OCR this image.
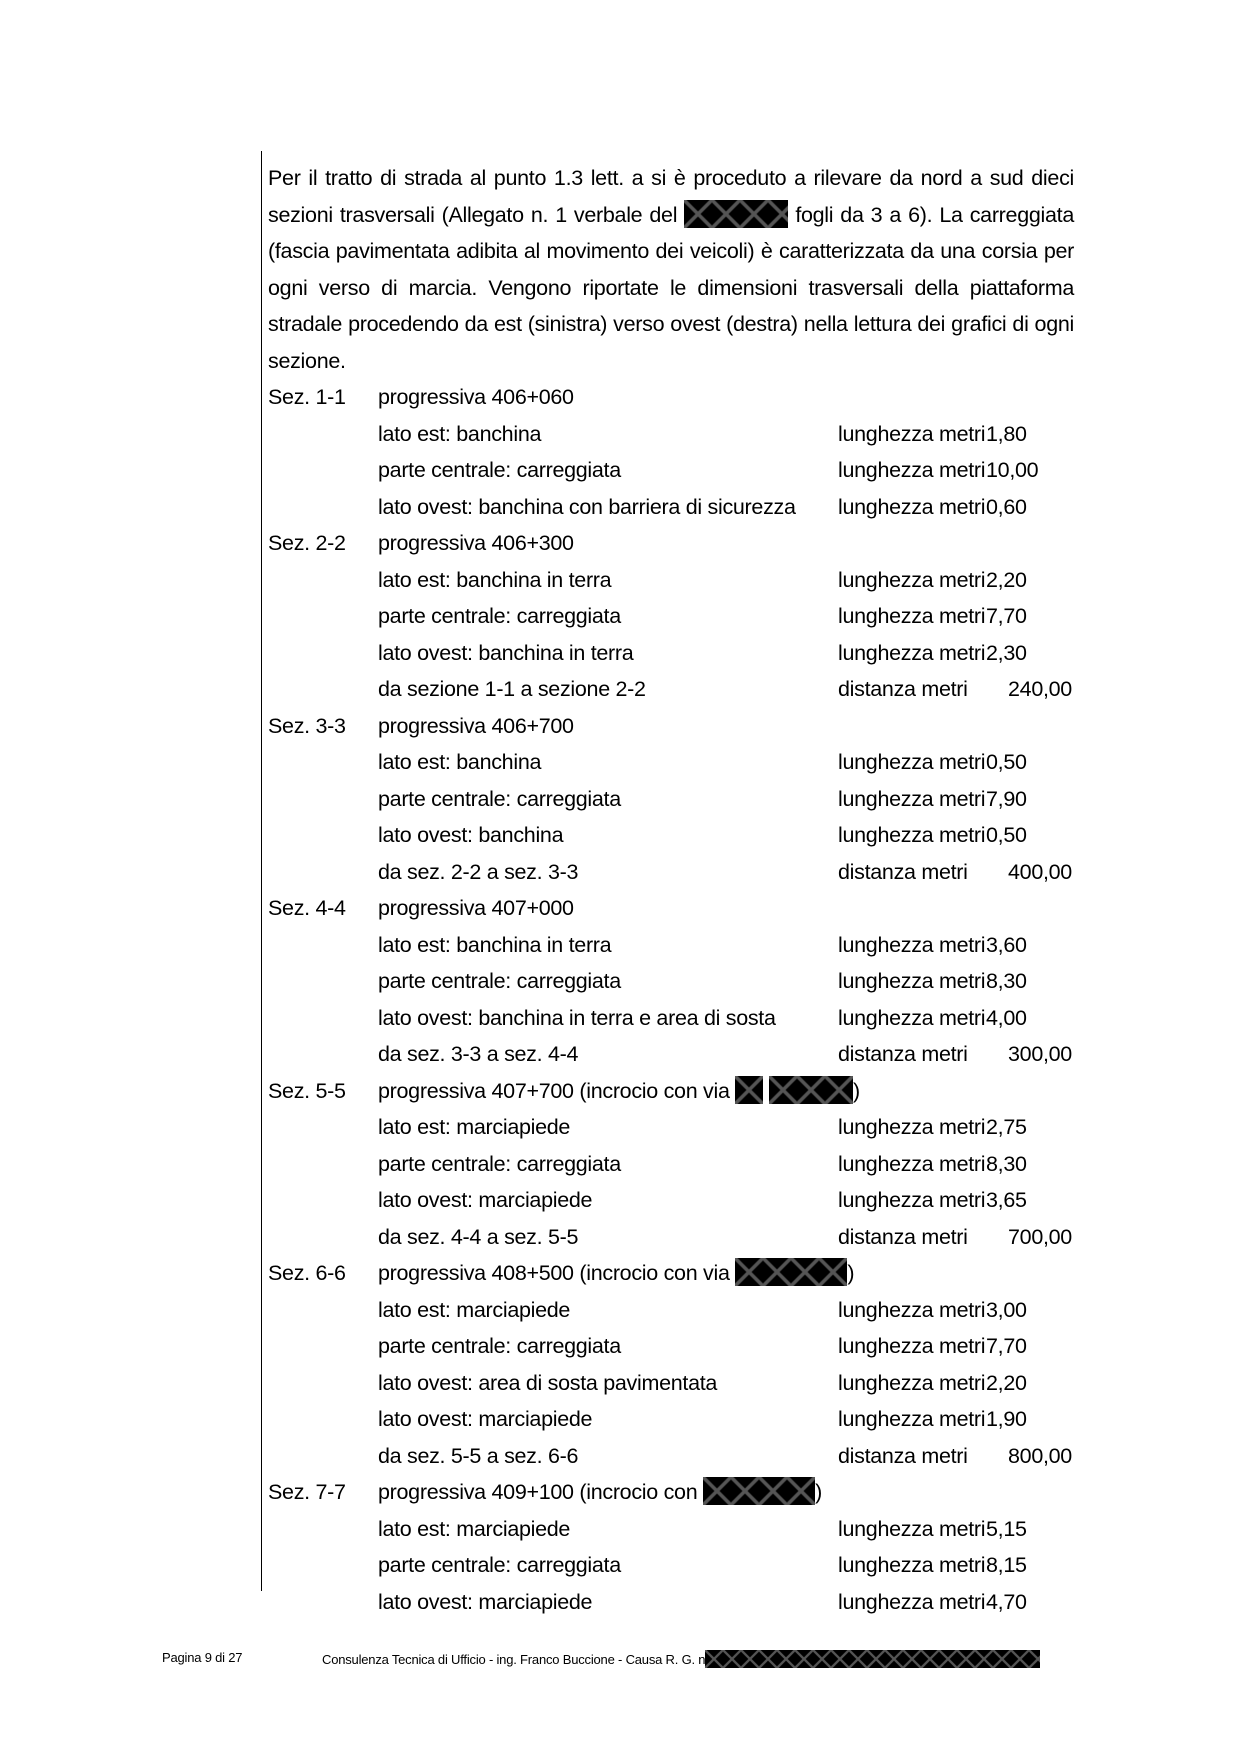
Per il tratto di strada al punto 1.3 lett. a si è proceduto a rilevare da nord a sud dieci sezioni trasversali (Allegato n. 1 verbale del	fogli da 3 a 6). La carreggiata (fascia pavimentata adibita al movimento dei veicoli) è caratterizzata da una corsia per ogni verso di marcia. Vengono riportate le dimensioni trasversali della piattaforma stradale procedendo da est (sinistra) verso ovest (destra) nella lettura dei grafici di ogni sezione.

Sez. 1-1 progressiva 406+060
lato est: banchina	lunghezza metri 1,80
parte centrale: carreggiata	lunghezza metri 10,00
lato ovest: banchina con barriera di sicurezza lunghezza metri 0,60
Sez. 2-2 progressiva 406+300
lato est: banchina in terra	lunghezza metri 2,20
parte centrale: carreggiata	lunghezza metri 7,70
lato ovest: banchina in terra	lunghezza metri 2,30
da sezione 1-1 a sezione 2-2	distanza metri 240,00
Sez. 3-3 progressiva 406+700
lato est: banchina	lunghezza metri 0,50
parte centrale: carreggiata	lunghezza metri 7,90
lato ovest: banchina	lunghezza metri 0,50
da sez. 2-2 a sez. 3-3	distanza metri 400,00
Sez. 4-4 progressiva 407+000
lato est: banchina in terra	lunghezza metri 3,60
parte centrale: carreggiata	lunghezza metri 8,30
lato ovest: banchina in terra e area di sosta	lunghezza metri 4,00
da sez. 3-3 a sez. 4-4	distanza metri 300,00
Sez. 5-5 progressiva 407+700 (incrocio con via	)
lato est: marciapiede	lunghezza metri 2,75
parte centrale: carreggiata	lunghezza metri 8,30
lato ovest: marciapiede	lunghezza metri 3,65
da sez. 4-4 a sez. 5-5	distanza metri 700,00
Sez. 6-6 progressiva 408+500 (incrocio con via	)
lato est: marciapiede	lunghezza metri 3,00
parte centrale: carreggiata	lunghezza metri 7,70
lato ovest: area di sosta pavimentata	lunghezza metri 2,20
lato ovest: marciapiede	lunghezza metri 1,90
da sez. 5-5 a sez. 6-6	distanza metri 800,00
Sez. 7-7 progressiva 409+100 (incrocio con	)
lato est: marciapiede	lunghezza metri 5,15
parte centrale: carreggiata	lunghezza metri 8,15
lato ovest: marciapiede	lunghezza metri 4,70
Pagina 9 di 27	Consulenza Tecnica di Ufficio - ing. Franco Buccione - Causa R. G. n
